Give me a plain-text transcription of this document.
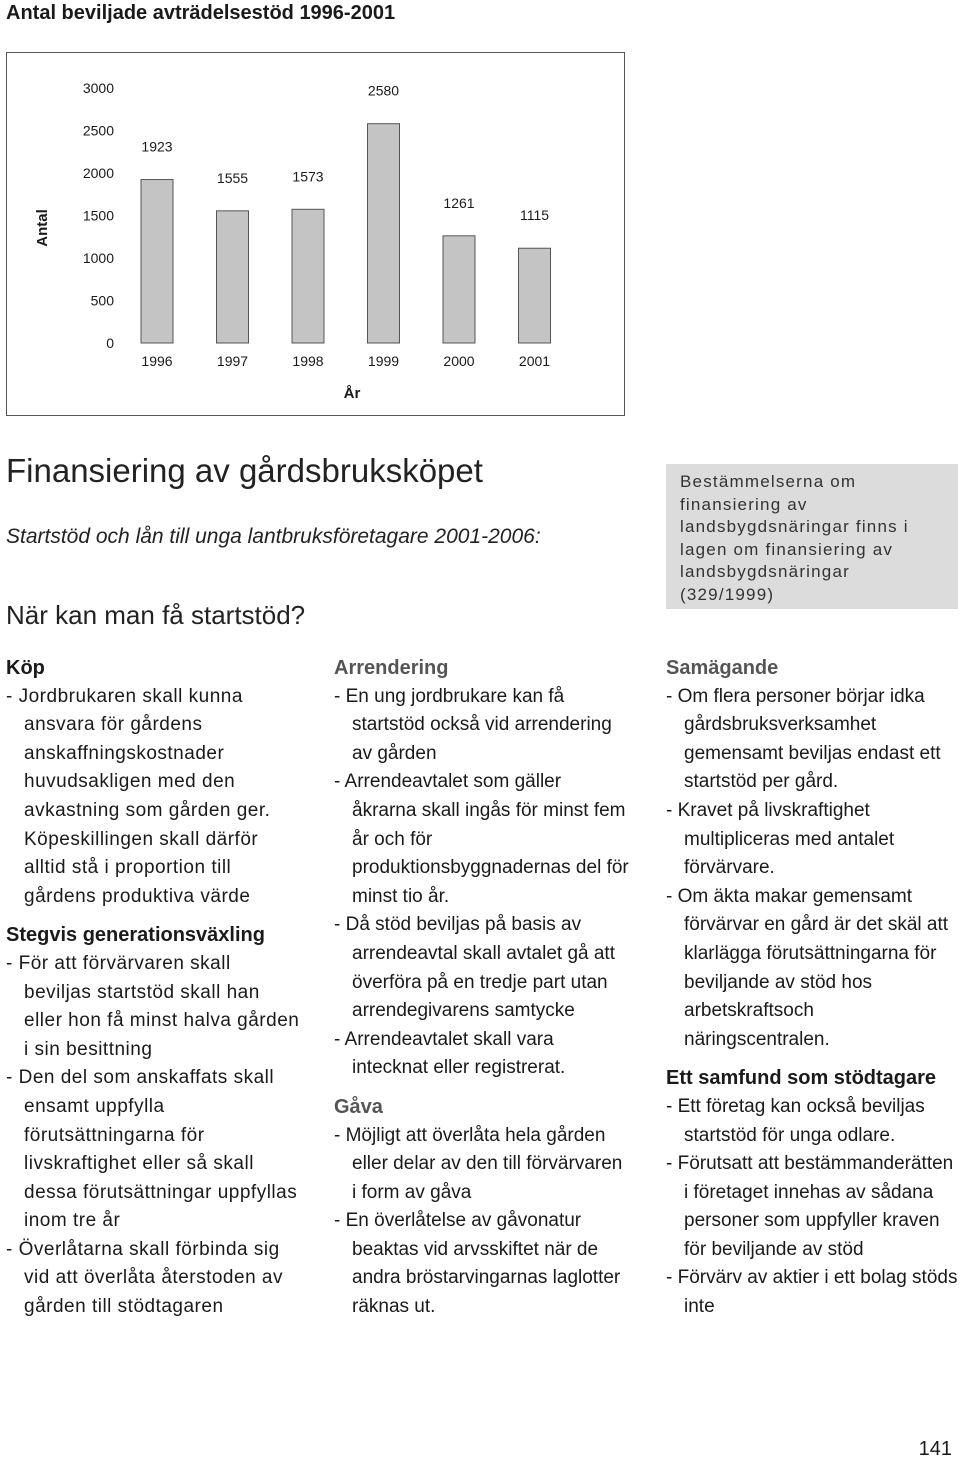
Antal beviljade avträdelsestöd 1996-2001
0
500
1000
1500
2000
2500
3000
Antal
1923
1996
1555
1997
1573
1998
2580
1999
1261
2000
1115
2001
År
Finansiering av gårdsbruksköpet

Startstöd och lån till unga lantbruksföretagare 2001-2006:

När kan man få startstöd?
Bestämmelserna om finansiering av landsbygdsnäringar finns i lagen om finansiering av landsbygdsnäringar (329/1999)
Köp
- Jordbrukaren skall kunna ansvara för gårdens anskaffningskostnader huvudsakligen med den avkastning som gården ger. Köpeskillingen skall därför alltid stå i proportion till gårdens produktiva värde
Stegvis generationsväxling
- För att förvärvaren skall beviljas startstöd skall han eller hon få minst halva gården i sin besittning
- Den del som anskaffats skall ensamt uppfylla förutsättningarna för livskraftighet eller så skall dessa förutsättningar uppfyllas inom tre år
- Överlåtarna skall förbinda sig vid att överlåta återstoden av gården till stödtagaren
Arrendering
- En ung jordbrukare kan få startstöd också vid arrendering av gården
- Arrendeavtalet som gäller åkrarna skall ingås för minst fem år och för produktionsbyggnadernas del för minst tio år.
- Då stöd beviljas på basis av arrendeavtal skall avtalet gå att överföra på en tredje part utan arrendegivarens samtycke
- Arrendeavtalet skall vara intecknat eller registrerat.
Gåva
- Möjligt att överlåta hela gården eller delar av den till förvärvaren i form av gåva
- En överlåtelse av gåvonatur beaktas vid arvsskiftet när de andra bröstarvingarnas laglotter räknas ut.
Samägande
- Om flera personer börjar idka gårdsbruksverksamhet gemensamt beviljas endast ett startstöd per gård.
- Kravet på livskraftighet multipliceras med antalet förvärvare.
- Om äkta makar gemensamt förvärvar en gård är det skäl att klarlägga förutsättningarna för beviljande av stöd hos arbetskraftsoch näringscentralen.
Ett samfund som stödtagare
- Ett företag kan också beviljas startstöd för unga odlare.
- Förutsatt att bestämmanderätten i företaget innehas av sådana personer som uppfyller kraven för beviljande av stöd
- Förvärv av aktier i ett bolag stöds inte
141
